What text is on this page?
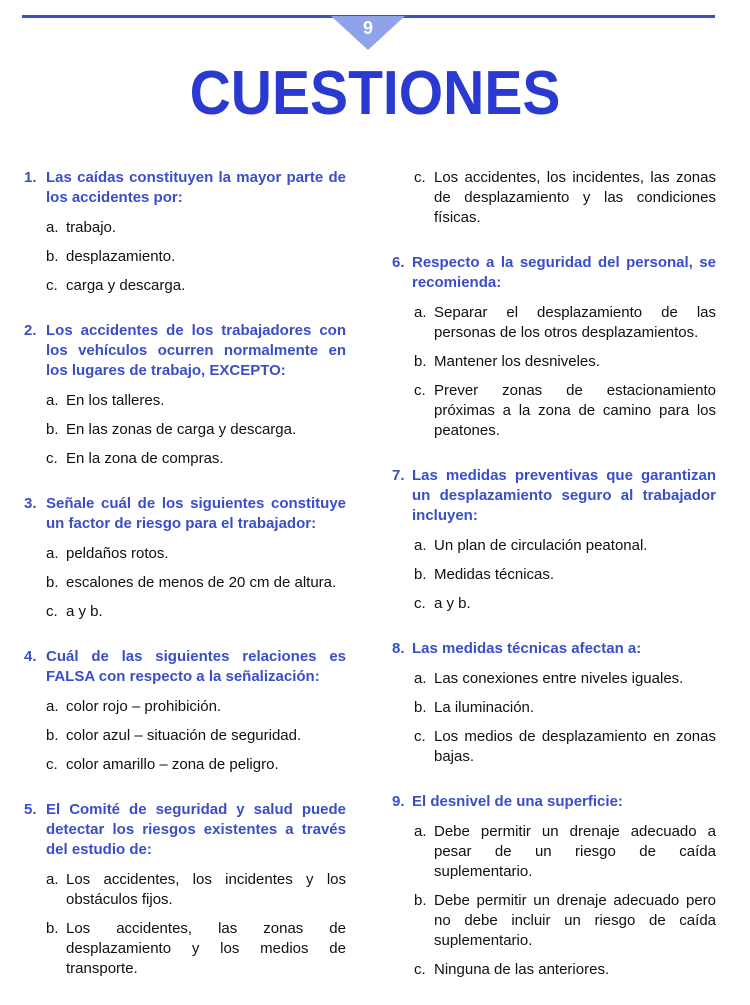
9
CUESTIONES
1. Las caídas constituyen la mayor parte de los accidentes por:
a. trabajo.
b. desplazamiento.
c. carga y descarga.
2. Los accidentes de los trabajadores con los vehículos ocurren normalmente en los lugares de trabajo, EXCEPTO:
a. En los talleres.
b. En las zonas de carga y descarga.
c. En la zona de compras.
3. Señale cuál de los siguientes constituye un factor de riesgo para el trabajador:
a. peldaños rotos.
b. escalones de menos de 20 cm de altura.
c. a y b.
4. Cuál de las siguientes relaciones es FALSA con respecto a la señalización:
a. color rojo – prohibición.
b. color azul – situación de seguridad.
c. color amarillo – zona de peligro.
5. El Comité de seguridad y salud puede detectar los riesgos existentes a través del estudio de:
a. Los accidentes, los incidentes y los obstáculos fijos.
b. Los accidentes, las zonas de desplazamiento y los medios de transporte.
c. Los accidentes, los incidentes, las zonas de desplazamiento y las condiciones físicas.
6. Respecto a la seguridad del personal, se recomienda:
a. Separar el desplazamiento de las personas de los otros desplazamientos.
b. Mantener los desniveles.
c. Prever zonas de estacionamiento próximas a la zona de camino para los peatones.
7. Las medidas preventivas que garantizan un desplazamiento seguro al trabajador incluyen:
a. Un plan de circulación peatonal.
b. Medidas técnicas.
c. a y b.
8. Las medidas técnicas afectan a:
a. Las conexiones entre niveles iguales.
b. La iluminación.
c. Los medios de desplazamiento en zonas bajas.
9. El desnivel de una superficie:
a. Debe permitir un drenaje adecuado a pesar de un riesgo de caída suplementario.
b. Debe permitir un drenaje adecuado pero no debe incluir un riesgo de caída suplementario.
c. Ninguna de las anteriores.
